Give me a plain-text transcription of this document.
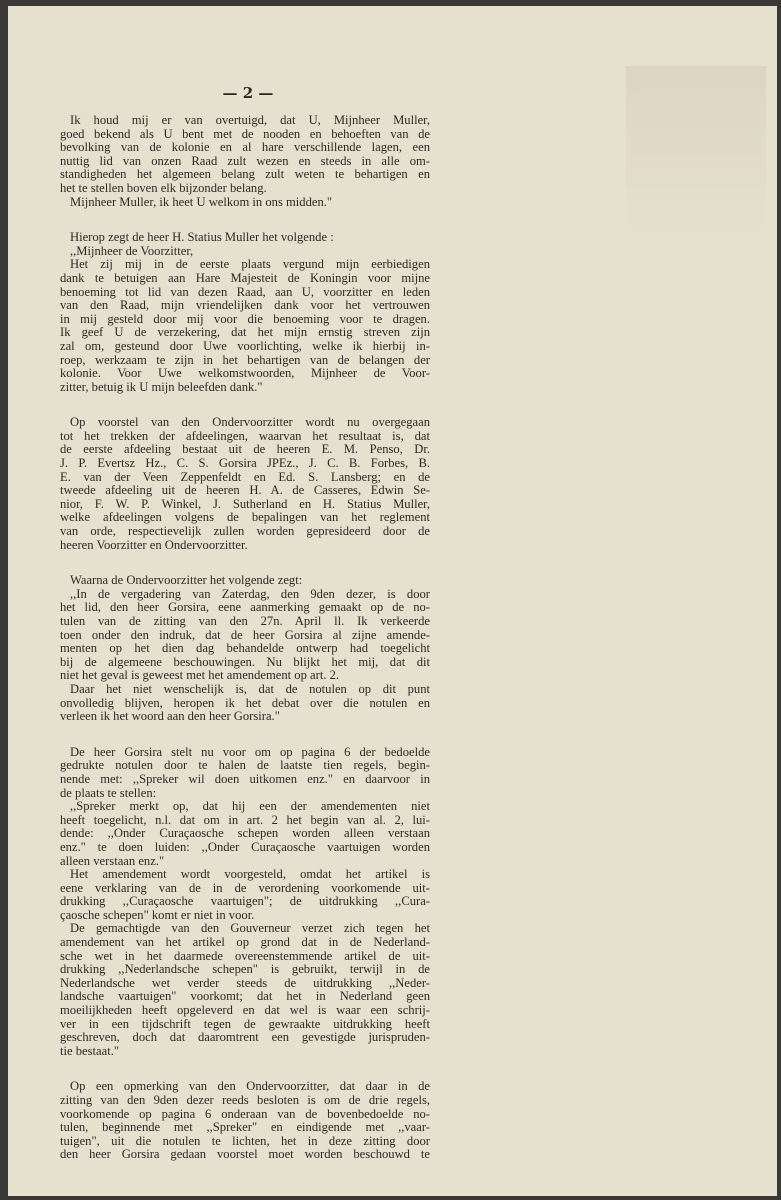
— 2 —

Ik houd mij er van overtuigd, dat U, Mijnheer Muller,

goed bekend als U bent met de nooden en behoeften van de

bevolking van de kolonie en al hare verschillende lagen, een

nuttig lid van onzen Raad zult wezen en steeds in alle om-

standigheden het algemeen belang zult weten te behartigen en

het te stellen boven elk bijzonder belang.

Mijnheer Muller, ik heet U welkom in ons midden."

Hierop zegt de heer H. Statius Muller het volgende :

,,Mijnheer de Voorzitter,

Het zij mij in de eerste plaats vergund mijn eerbiedigen

dank te betuigen aan Hare Majesteit de Koningin voor mijne

benoeming tot lid van dezen Raad, aan U, voorzitter en leden

van den Raad, mijn vriendelijken dank voor het vertrouwen

in mij gesteld door mij voor die benoeming voor te dragen.

Ik geef U de verzekering, dat het mijn ernstig streven zijn

zal om, gesteund door Uwe voorlichting, welke ik hierbij in-

roep, werkzaam te zijn in het behartigen van de belangen der

kolonie. Voor Uwe welkomstwoorden, Mijnheer de Voor-

zitter, betuig ik U mijn beleefden dank."

Op voorstel van den Ondervoorzitter wordt nu overgegaan

tot het trekken der afdeelingen, waarvan het resultaat is, dat

de eerste afdeeling bestaat uit de heeren E. M. Penso, Dr.

J. P. Evertsz Hz., C. S. Gorsira JPEz., J. C. B. Forbes, B.

E. van der Veen Zeppenfeldt en Ed. S. Lansberg; en de

tweede afdeeling uit de heeren H. A. de Casseres, Edwin Se-

nior, F. W. P. Winkel, J. Sutherland en H. Statius Muller,

welke afdeelingen volgens de bepalingen van het reglement

van orde, respectievelijk zullen worden gepresideerd door de

heeren Voorzitter en Ondervoorzitter.

Waarna de Ondervoorzitter het volgende zegt:

,,In de vergadering van Zaterdag, den 9den dezer, is door

het lid, den heer Gorsira, eene aanmerking gemaakt op de no-

tulen van de zitting van den 27n. April ll. Ik verkeerde

toen onder den indruk, dat de heer Gorsira al zijne amende-

menten op het dien dag behandelde ontwerp had toegelicht

bij de algemeene beschouwingen. Nu blijkt het mij, dat dit

niet het geval is geweest met het amendement op art. 2.

Daar het niet wenschelijk is, dat de notulen op dit punt

onvolledig blijven, heropen ik het debat over die notulen en

verleen ik het woord aan den heer Gorsira."

De heer Gorsira stelt nu voor om op pagina 6 der bedoelde

gedrukte notulen door te halen de laatste tien regels, begin-

nende met: ,,Spreker wil doen uitkomen enz." en daarvoor in

de plaats te stellen:

,,Spreker merkt op, dat hij een der amendementen niet

heeft toegelicht, n.l. dat om in art. 2 het begin van al. 2, lui-

dende: ,,Onder Curaçaosche schepen worden alleen verstaan

enz." te doen luiden: ,,Onder Curaçaosche vaartuigen worden

alleen verstaan enz."

Het amendement wordt voorgesteld, omdat het artikel is

eene verklaring van de in de verordening voorkomende uit-

drukking ,,Curaçaosche vaartuigen"; de uitdrukking ,,Cura-

çaosche schepen" komt er niet in voor.

De gemachtigde van den Gouverneur verzet zich tegen het

amendement van het artikel op grond dat in de Nederland-

sche wet in het daarmede overeenstemmende artikel de uit-

drukking ,,Nederlandsche schepen" is gebruikt, terwijl in de

Nederlandsche wet verder steeds de uitdrukking ,,Neder-

landsche vaartuigen" voorkomt; dat het in Nederland geen

moeilijkheden heeft opgeleverd en dat wel is waar een schrij-

ver in een tijdschrift tegen de gewraakte uitdrukking heeft

geschreven, doch dat daaromtrent een gevestigde jurispruden-

tie bestaat."

Op een opmerking van den Ondervoorzitter, dat daar in de

zitting van den 9den dezer reeds besloten is om de drie regels,

voorkomende op pagina 6 onderaan van de bovenbedoelde no-

tulen, beginnende met ,,Spreker" en eindigende met ,,vaar-

tuigen", uit die notulen te lichten, het in deze zitting door

den heer Gorsira gedaan voorstel moet worden beschouwd te
